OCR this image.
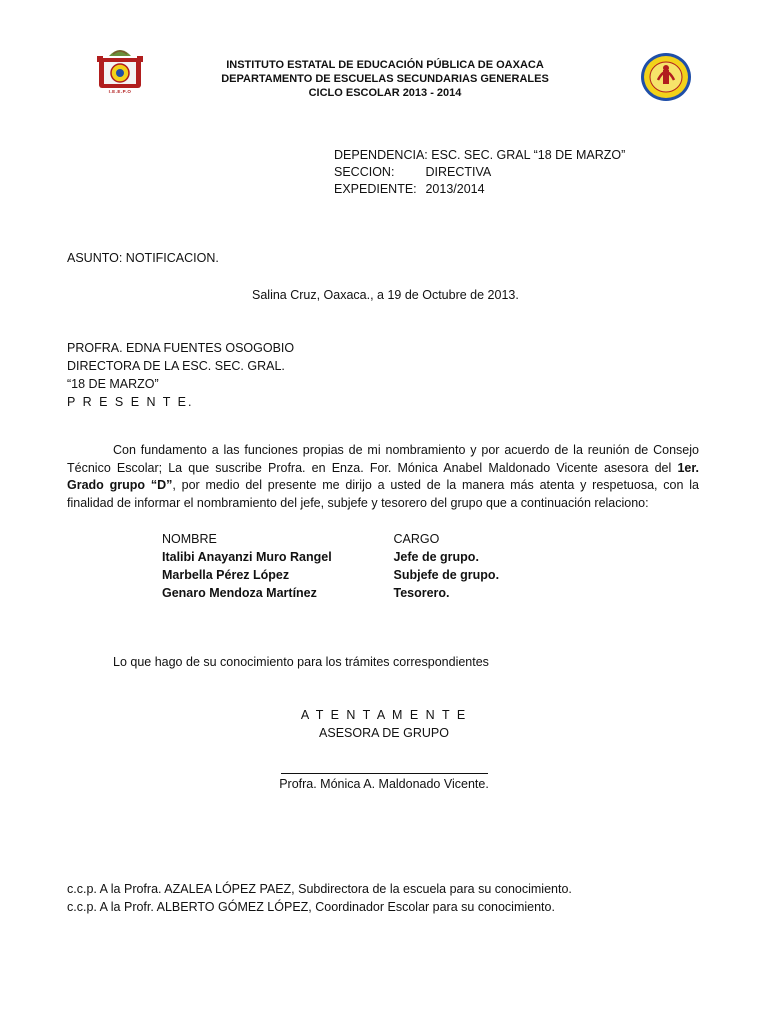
I.E.E.P.O
INSTITUTO ESTATAL DE EDUCACIÓN PÚBLICA DE OAXACA
DEPARTAMENTO DE ESCUELAS SECUNDARIAS GENERALES
CICLO ESCOLAR 2013 - 2014
DEPENDENCIA: ESC. SEC. GRAL “18 DE MARZO”
SECCION: DIRECTIVA
EXPEDIENTE: 2013/2014
ASUNTO: NOTIFICACION.
Salina Cruz, Oaxaca., a 19 de Octubre de 2013.
PROFRA. EDNA FUENTES OSOGOBIO
DIRECTORA DE LA ESC. SEC. GRAL.
“18 DE MARZO”
P R E S E N T E.
Con fundamento a las funciones propias de mi nombramiento y por acuerdo de la reunión de Consejo Técnico Escolar; La que suscribe Profra. en Enza. For. Mónica Anabel Maldonado Vicente asesora del 1er. Grado grupo “D”, por medio del presente me dirijo a usted de la manera más atenta y respetuosa, con la finalidad de informar el nombramiento del jefe, subjefe y tesorero del grupo que a continuación relaciono:
NOMBRE	CARGO
Italibi Anayanzi Muro Rangel	Jefe de grupo.
Marbella Pérez López	Subjefe de grupo.
Genaro Mendoza Martínez	Tesorero.
Lo que hago de su conocimiento para los trámites correspondientes
A T E N T A M E N T E
ASESORA DE GRUPO
Profra. Mónica A. Maldonado Vicente.
c.c.p. A la Profra. AZALEA LÓPEZ PAEZ, Subdirectora de la escuela para su conocimiento.
c.c.p. A la Profr. ALBERTO GÓMEZ LÓPEZ, Coordinador Escolar para su conocimiento.
